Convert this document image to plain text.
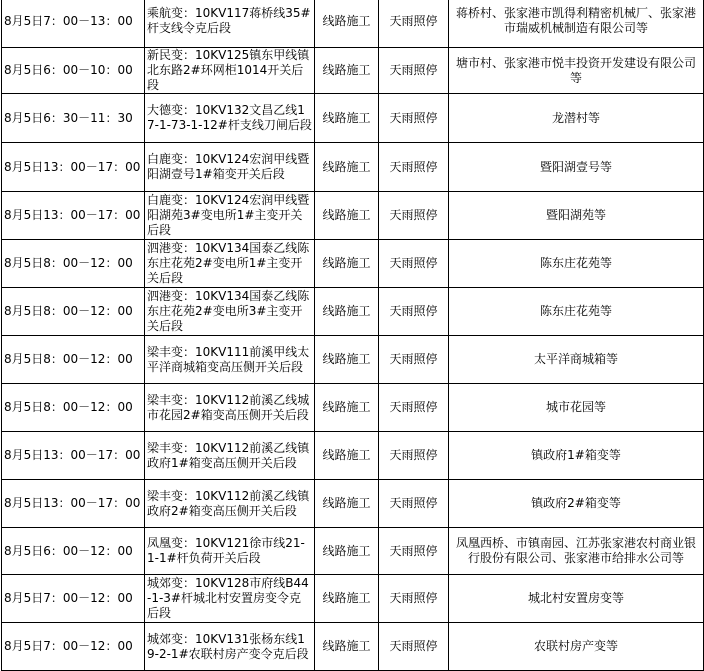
8月5日7：00－13：00	乘航变：10KV117蒋桥线35#杆支线令克后段	线路施工	天雨照停	蒋桥村、张家港市凯得利精密机械厂、张家港市瑞威机械制造有限公司等
8月5日6：00－10：00	新民变：10KV125镇东甲线镇北东路2#环网柜1014开关后段	线路施工	天雨照停	塘市村、张家港市悦丰投资开发建设有限公司等
8月5日6：30－11：30	大德变：10KV132文昌乙线17-1-73-1-12#杆支线刀闸后段	线路施工	天雨照停	龙潜村等
8月5日13：00－17：00	白鹿变：10KV124宏润甲线暨阳湖壹号1#箱变开关后段	线路施工	天雨照停	暨阳湖壹号等
8月5日13：00－17：00	白鹿变：10KV124宏润甲线暨阳湖苑3#变电所1#主变开关后段	线路施工	天雨照停	暨阳湖苑等
8月5日8：00－12：00	泗港变：10KV134国泰乙线陈东庄花苑2#变电所1#主变开关后段	线路施工	天雨照停	陈东庄花苑等
8月5日8：00－12：00	泗港变：10KV134国泰乙线陈东庄花苑2#变电所3#主变开关后段	线路施工	天雨照停	陈东庄花苑等
8月5日8：00－12：00	梁丰变：10KV111前溪甲线太平洋商城箱变高压侧开关后段	线路施工	天雨照停	太平洋商城箱等
8月5日8：00－12：00	梁丰变：10KV112前溪乙线城市花园2#箱变高压侧开关后段	线路施工	天雨照停	城市花园等
8月5日13：00－17：00	梁丰变：10KV112前溪乙线镇政府1#箱变高压侧开关后段	线路施工	天雨照停	镇政府1#箱变等
8月5日13：00－17：00	梁丰变：10KV112前溪乙线镇政府2#箱变高压侧开关后段	线路施工	天雨照停	镇政府2#箱变等
8月5日6：00－12：00	凤凰变：10KV121徐市线21-1-1#杆负荷开关后段	线路施工	天雨照停	凤凰西桥、市镇南园、江苏张家港农村商业银行股份有限公司、张家港市给排水公司等
8月5日7：00－12：00	城郊变：10KV128市府线B44-1-3#杆城北村安置房变令克后段	线路施工	天雨照停	城北村安置房变等
8月5日7：00－12：00	城郊变：10KV131张杨东线19-2-1#农联村房产变令克后段	线路施工	天雨照停	农联村房产变等
